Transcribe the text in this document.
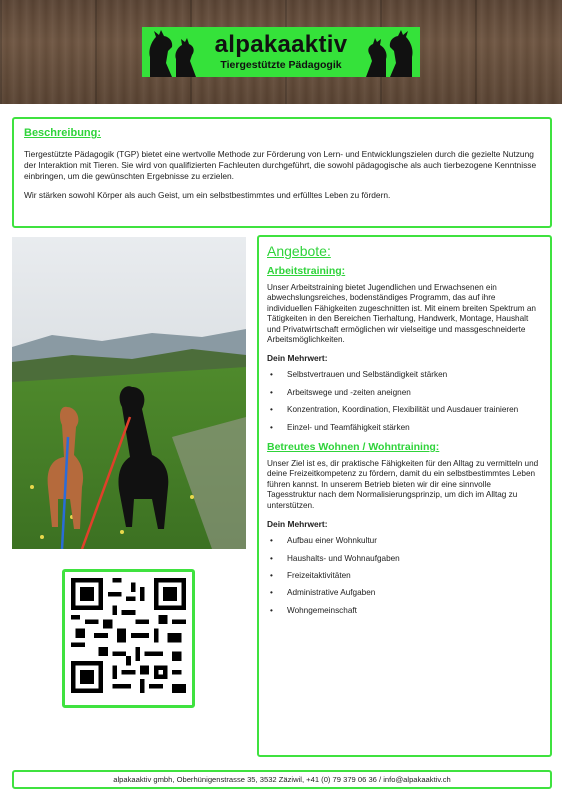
alpakaaktiv
Tiergestützte Pädagogik
Beschreibung:

Tiergestützte Pädagogik (TGP) bietet eine wertvolle Methode zur Förderung von Lern- und Entwicklungszielen durch die gezielte Nutzung der Interaktion mit Tieren. Sie wird von qualifizierten Fachleuten durchgeführt, die sowohl pädagogische als auch tierbezogene Kenntnisse einbringen, um die gewünschten Ergebnisse zu erzielen.

Wir stärken sowohl Körper als auch Geist, um ein selbstbestimmtes und erfülltes Leben zu fördern.

Angebote:
Arbeitstraining:

Unser Arbeitstraining bietet Jugendlichen und Erwachsenen ein abwechslungsreiches, bodenständiges Programm, das auf ihre individuellen Fähigkeiten zugeschnitten ist. Mit einem breiten Spektrum an Tätigkeiten in den Bereichen Tierhaltung, Handwerk, Montage, Haushalt und Privatwirtschaft ermöglichen wir vielseitige und massgeschneiderte Arbeitsmöglichkeiten.

Dein Mehrwert:
• Selbstvertrauen und Selbständigkeit stärken
• Arbeitswege und -zeiten aneignen
• Konzentration, Koordination, Flexibilität und Ausdauer trainieren
• Einzel- und Teamfähigkeit stärken
Betreutes Wohnen / Wohntraining:

Unser Ziel ist es, dir praktische Fähigkeiten für den Alltag zu vermitteln und deine Freizeitkompetenz zu fördern, damit du ein selbstbestimmtes Leben führen kannst. In unserem Betrieb bieten wir dir eine sinnvolle Tagesstruktur nach dem Normalisierungsprinzip, um dich im Alltag zu unterstützen.

Dein Mehrwert:
• Aufbau einer Wohnkultur
• Haushalts- und Wohnaufgaben
• Freizeitaktivitäten
• Administrative Aufgaben
• Wohngemeinschaft
alpakaaktiv gmbh, Oberhünigenstrasse 35, 3532 Zäziwil, +41 (0) 79 379 06 36 / info@alpakaaktiv.ch
